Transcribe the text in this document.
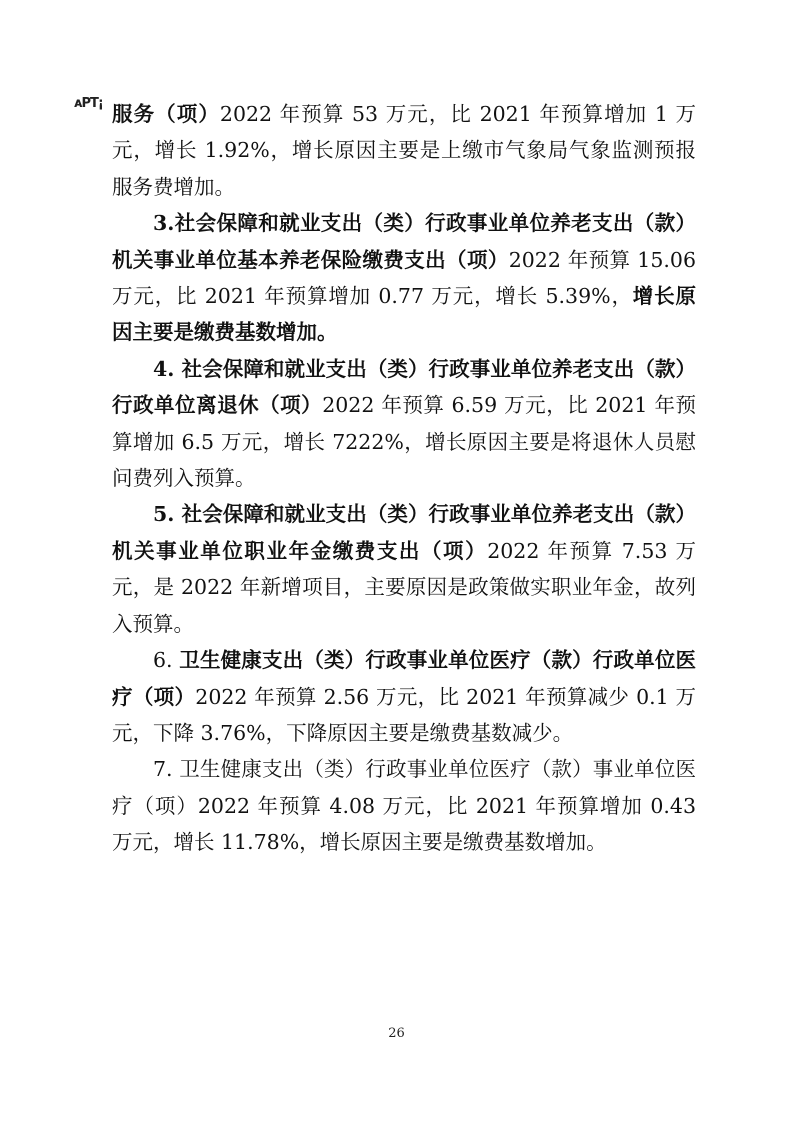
ᴀPT¡ 服务（项）2022 年预算 53 万元，比 2021 年预算增加 1 万元，增长 1.92%，增长原因主要是上缴市气象局气象监测预报服务费增加。

3.社会保障和就业支出（类）行政事业单位养老支出（款）机关事业单位基本养老保险缴费支出（项）2022 年预算 15.06 万元，比 2021 年预算增加 0.77 万元，增长 5.39%，增长原因主要是缴费基数增加。

4. 社会保障和就业支出（类）行政事业单位养老支出（款）行政单位离退休（项）2022 年预算 6.59 万元，比 2021 年预算增加 6.5 万元，增长 7222%，增长原因主要是将退休人员慰问费列入预算。

5. 社会保障和就业支出（类）行政事业单位养老支出（款）机关事业单位职业年金缴费支出（项）2022 年预算 7.53 万元，是 2022 年新增项目，主要原因是政策做实职业年金，故列入预算。

6. 卫生健康支出（类）行政事业单位医疗（款）行政单位医疗（项）2022 年预算 2.56 万元，比 2021 年预算减少 0.1 万元，下降 3.76%，下降原因主要是缴费基数减少。

7. 卫生健康支出（类）行政事业单位医疗（款）事业单位医疗（项）2022 年预算 4.08 万元，比 2021 年预算增加 0.43 万元，增长 11.78%，增长原因主要是缴费基数增加。

26
